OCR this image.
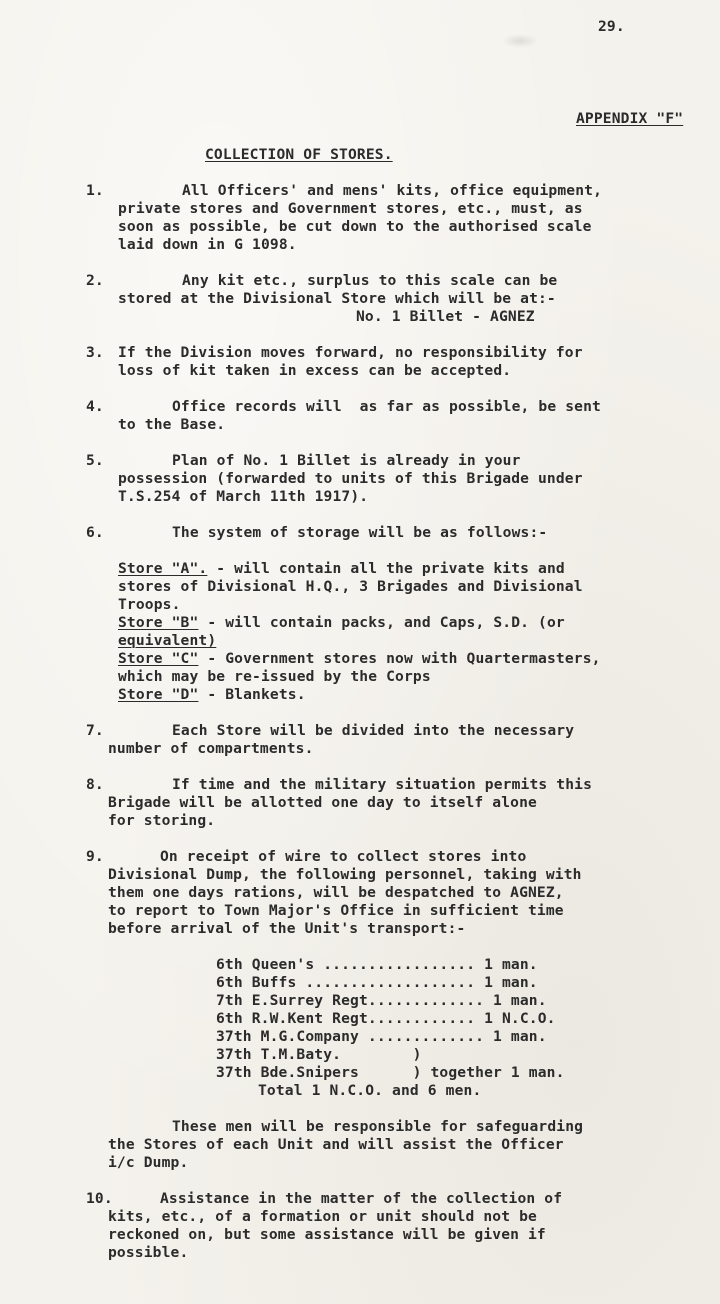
29.
APPENDIX "F"
COLLECTION OF STORES.
1.	All Officers' and mens' kits, office equipment,
private stores and Government stores, etc., must, as
soon as possible, be cut down to the authorised scale
laid down in G 1098.
2.	Any kit etc., surplus to this scale can be
stored at the Divisional Store which will be at:-
No. 1 Billet - AGNEZ
3. If the Division moves forward, no responsibility for
loss of kit taken in excess can be accepted.
4.	Office records will  as far as possible, be sent
to the Base.
5.	Plan of No. 1 Billet is already in your
possession (forwarded to units of this Brigade under
T.S.254 of March 11th 1917).
6.	The system of storage will be as follows:-
Store "A". - will contain all the private kits and
stores of Divisional H.Q., 3 Brigades and Divisional
Troops.
Store "B" - will contain packs, and Caps, S.D. (or
equivalent)
Store "C" - Government stores now with Quartermasters,
which may be re-issued by the Corps
Store "D" - Blankets.
7.	Each Store will be divided into the necessary
number of compartments.
8.	If time and the military situation permits this
Brigade will be allotted one day to itself alone
for storing.
9.	On receipt of wire to collect stores into
Divisional Dump, the following personnel, taking with
them one days rations, will be despatched to AGNEZ,
to report to Town Major's Office in sufficient time
before arrival of the Unit's transport:-
6th Queen's ................. 1 man.
6th Buffs ................... 1 man.
7th E.Surrey Regt............. 1 man.
6th R.W.Kent Regt............ 1 N.C.O.
37th M.G.Company ............. 1 man.
37th T.M.Baty.        )
37th Bde.Snipers      ) together 1 man.
Total 1 N.C.O. and 6 men.
These men will be responsible for safeguarding
the Stores of each Unit and will assist the Officer
i/c Dump.
10.	Assistance in the matter of the collection of
kits, etc., of a formation or unit should not be
reckoned on, but some assistance will be given if
possible.
